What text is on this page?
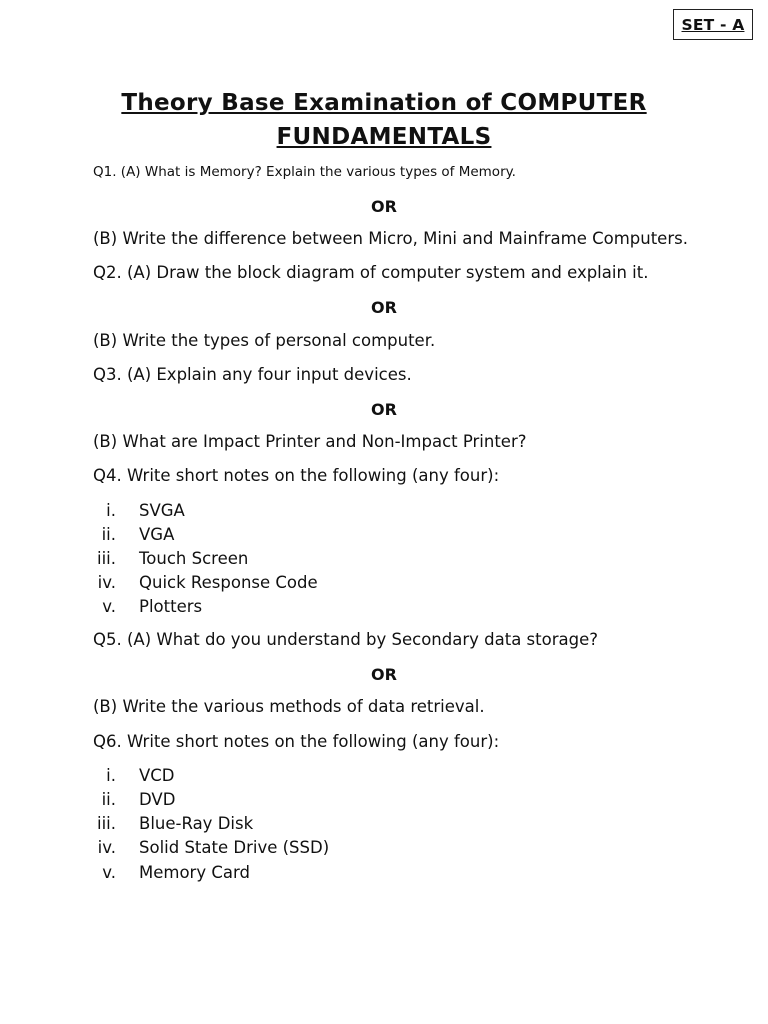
SET - A
Theory Base Examination of COMPUTER
FUNDAMENTALS
Q1. (A) What is Memory? Explain the various types of Memory.
OR
(B) Write the difference between Micro, Mini and Mainframe Computers.
Q2. (A) Draw the block diagram of computer system and explain it.
OR
(B) Write the types of personal computer.
Q3. (A) Explain any four input devices.
OR
(B) What are Impact Printer and Non-Impact Printer?
Q4. Write short notes on the following (any four):
i. SVGA
ii. VGA
iii. Touch Screen
iv. Quick Response Code
v. Plotters
Q5. (A) What do you understand by Secondary data storage?
OR
(B) Write the various methods of data retrieval.
Q6. Write short notes on the following (any four):
i. VCD
ii. DVD
iii. Blue-Ray Disk
iv. Solid State Drive (SSD)
v. Memory Card
